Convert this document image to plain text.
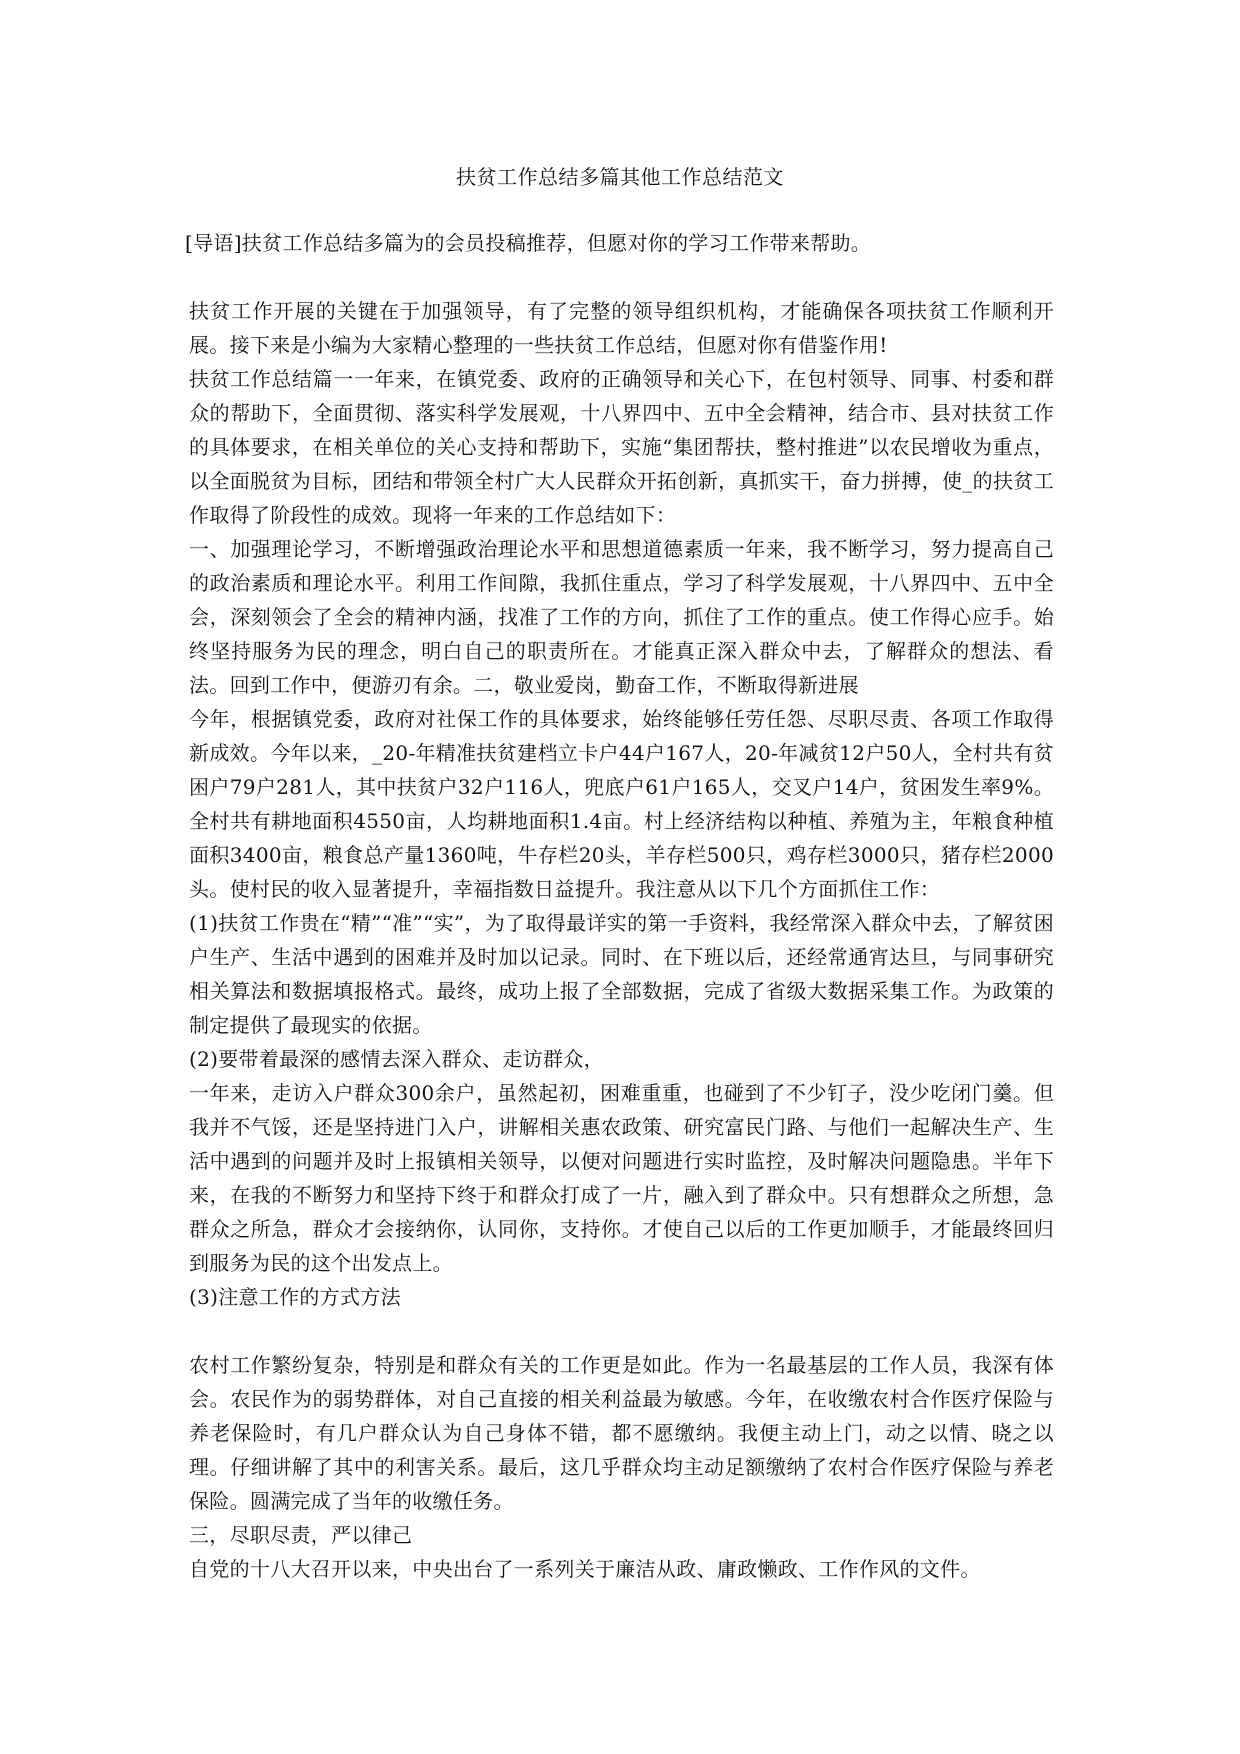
扶贫工作总结多篇其他工作总结范文

[导语]扶贫工作总结多篇为的会员投稿推荐，但愿对你的学习工作带来帮助。

扶贫工作开展的关键在于加强领导，有了完整的领导组织机构，才能确保各项扶贫工作顺利开展。接下来是小编为大家精心整理的一些扶贫工作总结，但愿对你有借鉴作用!

扶贫工作总结篇一一年来，在镇党委、政府的正确领导和关心下，在包村领导、同事、村委和群众的帮助下，全面贯彻、落实科学发展观，十八界四中、五中全会精神，结合市、县对扶贫工作的具体要求，在相关单位的关心支持和帮助下，实施“集团帮扶，整村推进”以农民增收为重点，以全面脱贫为目标，团结和带领全村广大人民群众开拓创新，真抓实干，奋力拼搏，使_的扶贫工作取得了阶段性的成效。现将一年来的工作总结如下：

一、加强理论学习，不断增强政治理论水平和思想道德素质一年来，我不断学习，努力提高自己的政治素质和理论水平。利用工作间隙，我抓住重点，学习了科学发展观，十八界四中、五中全会，深刻领会了全会的精神内涵，找准了工作的方向，抓住了工作的重点。使工作得心应手。始终坚持服务为民的理念，明白自己的职责所在。才能真正深入群众中去，了解群众的想法、看法。回到工作中，便游刃有余。二，敬业爱岗，勤奋工作，不断取得新进展

今年，根据镇党委，政府对社保工作的具体要求，始终能够任劳任怨、尽职尽责、各项工作取得新成效。今年以来，_20-年精准扶贫建档立卡户44户167人，20-年减贫12户50人，全村共有贫困户79户281人，其中扶贫户32户116人，兜底户61户165人，交叉户14户，贫困发生率9%。全村共有耕地面积4550亩，人均耕地面积1.4亩。村上经济结构以种植、养殖为主，年粮食种植面积3400亩，粮食总产量1360吨，牛存栏20头，羊存栏500只，鸡存栏3000只，猪存栏2000头。使村民的收入显著提升，幸福指数日益提升。我注意从以下几个方面抓住工作：

(1)扶贫工作贵在“精”“准”“实”，为了取得最详实的第一手资料，我经常深入群众中去，了解贫困户生产、生活中遇到的困难并及时加以记录。同时、在下班以后，还经常通宵达旦，与同事研究相关算法和数据填报格式。最终，成功上报了全部数据，完成了省级大数据采集工作。为政策的制定提供了最现实的依据。

(2)要带着最深的感情去深入群众、走访群众，

一年来，走访入户群众300余户，虽然起初，困难重重，也碰到了不少钉子，没少吃闭门羹。但我并不气馁，还是坚持进门入户，讲解相关惠农政策、研究富民门路、与他们一起解决生产、生活中遇到的问题并及时上报镇相关领导，以便对问题进行实时监控，及时解决问题隐患。半年下来，在我的不断努力和坚持下终于和群众打成了一片，融入到了群众中。只有想群众之所想，急群众之所急，群众才会接纳你，认同你，支持你。才使自己以后的工作更加顺手，才能最终回归到服务为民的这个出发点上。

(3)注意工作的方式方法

农村工作繁纷复杂，特别是和群众有关的工作更是如此。作为一名最基层的工作人员，我深有体会。农民作为的弱势群体，对自己直接的相关利益最为敏感。今年，在收缴农村合作医疗保险与养老保险时，有几户群众认为自己身体不错，都不愿缴纳。我便主动上门，动之以情、晓之以理。仔细讲解了其中的利害关系。最后，这几乎群众均主动足额缴纳了农村合作医疗保险与养老保险。圆满完成了当年的收缴任务。

三，尽职尽责，严以律己

自党的十八大召开以来，中央出台了一系列关于廉洁从政、庸政懒政、工作作风的文件。
